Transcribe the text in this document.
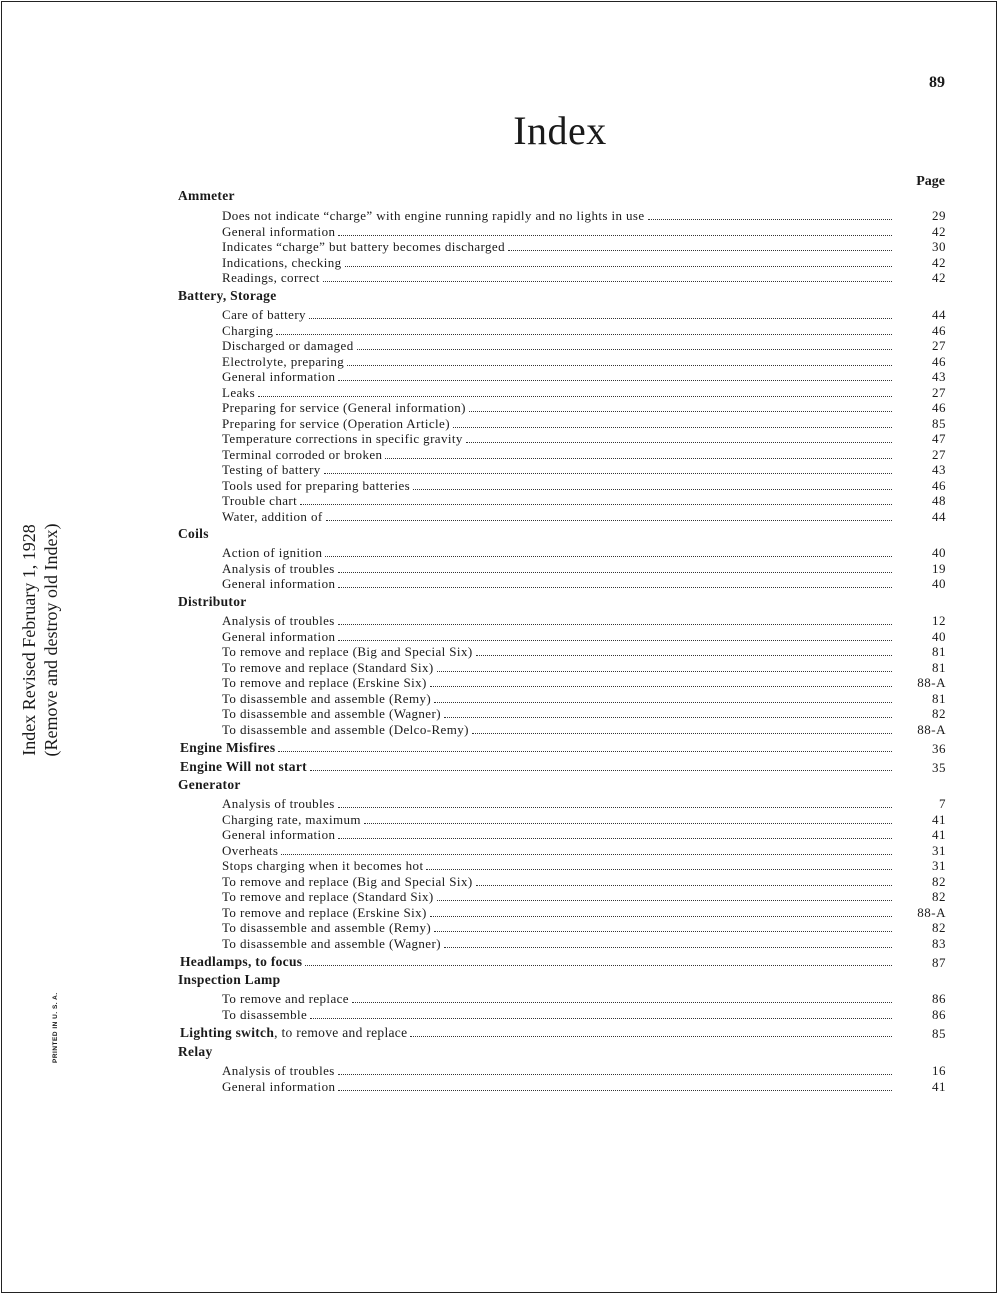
89
Index
Page
Ammeter
Does not indicate “charge” with engine running rapidly and no lights in use	29
General information	42
Indicates “charge” but battery becomes discharged	30
Indications, checking	42
Readings, correct	42
Battery, Storage
Care of battery	44
Charging	46
Discharged or damaged	27
Electrolyte, preparing	46
General information	43
Leaks	27
Preparing for service (General information)	46
Preparing for service (Operation Article)	85
Temperature corrections in specific gravity	47
Terminal corroded or broken	27
Testing of battery	43
Tools used for preparing batteries	46
Trouble chart	48
Water, addition of	44
Coils
Action of ignition	40
Analysis of troubles	19
General information	40
Distributor
Analysis of troubles	12
General information	40
To remove and replace (Big and Special Six)	81
To remove and replace (Standard Six)	81
To remove and replace (Erskine Six)	88-A
To disassemble and assemble (Remy)	81
To disassemble and assemble (Wagner)	82
To disassemble and assemble (Delco-Remy)	88-A
Engine Misfires	36
Engine Will not start	35
Generator
Analysis of troubles	7
Charging rate, maximum	41
General information	41
Overheats	31
Stops charging when it becomes hot	31
To remove and replace (Big and Special Six)	82
To remove and replace (Standard Six)	82
To remove and replace (Erskine Six)	88-A
To disassemble and assemble (Remy)	82
To disassemble and assemble (Wagner)	83
Headlamps, to focus	87
Inspection Lamp
To remove and replace	86
To disassemble	86
Lighting switch, to remove and replace	85
Relay
Analysis of troubles	16
General information	41
Index Revised February 1, 1928 (Remove and destroy old Index)
PRINTED IN U. S. A.
